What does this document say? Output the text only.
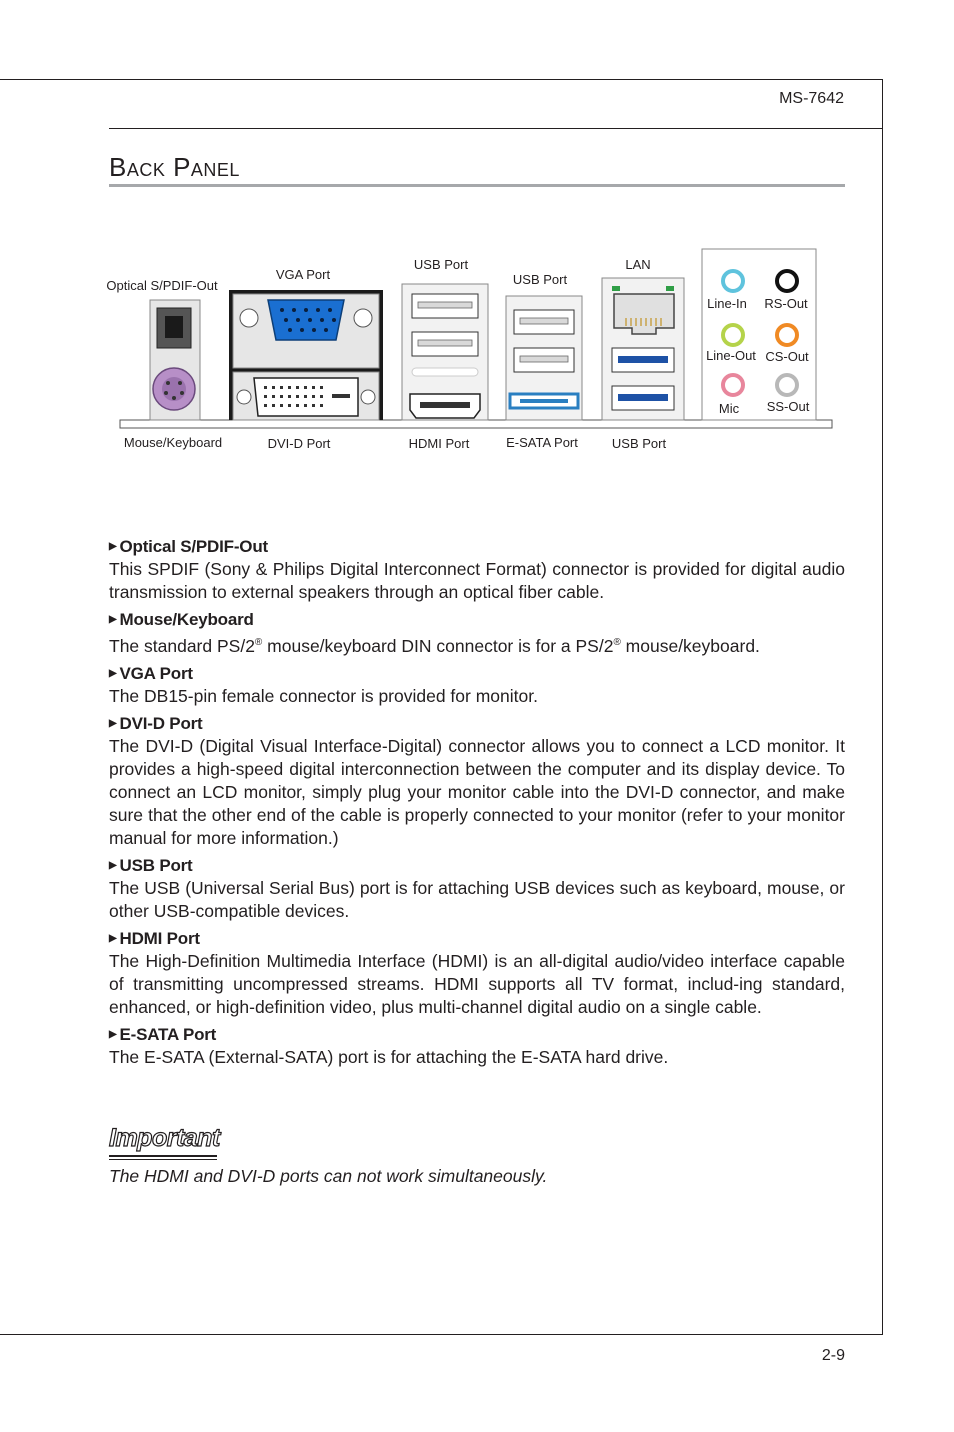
MS-7642
Back Panel
Line-In RS-Out
Line-Out CS-Out
Mic SS-Out
Optical S/PDIF-Out
VGA Port
USB Port
USB Port
LAN
Mouse/Keyboard	DVI-D Port	HDMI Port	E-SATA Port	USB Port
▶ Optical S/PDIF-Out
This SPDIF (Sony & Philips Digital Interconnect Format) connector is provided for digital audio transmission to external speakers through an optical fiber cable.
▶ Mouse/Keyboard
The standard PS/2® mouse/keyboard DIN connector is for a PS/2® mouse/keyboard.
▶ VGA Port
The DB15-pin female connector is provided for monitor.
▶ DVI-D Port
The DVI-D (Digital Visual Interface-Digital) connector allows you to connect a LCD monitor. It provides a high-speed digital interconnection between the computer and its display device. To connect an LCD monitor, simply plug your monitor cable into the DVI-D connector, and make sure that the other end of the cable is properly connected to your monitor (refer to your monitor manual for more information.)
▶ USB Port
The USB (Universal Serial Bus) port is for attaching USB devices such as keyboard, mouse, or other USB-compatible devices.
▶ HDMI Port
The High-Definition Multimedia Interface (HDMI) is an all-digital audio/video interface capable of transmitting uncompressed streams. HDMI supports all TV format, includ-ing standard, enhanced, or high-definition video, plus multi-channel digital audio on a single cable.
▶ E-SATA Port
The E-SATA (External-SATA) port is for attaching the E-SATA hard drive.
Important
The HDMI and DVI-D ports can not work simultaneously.
2-9
